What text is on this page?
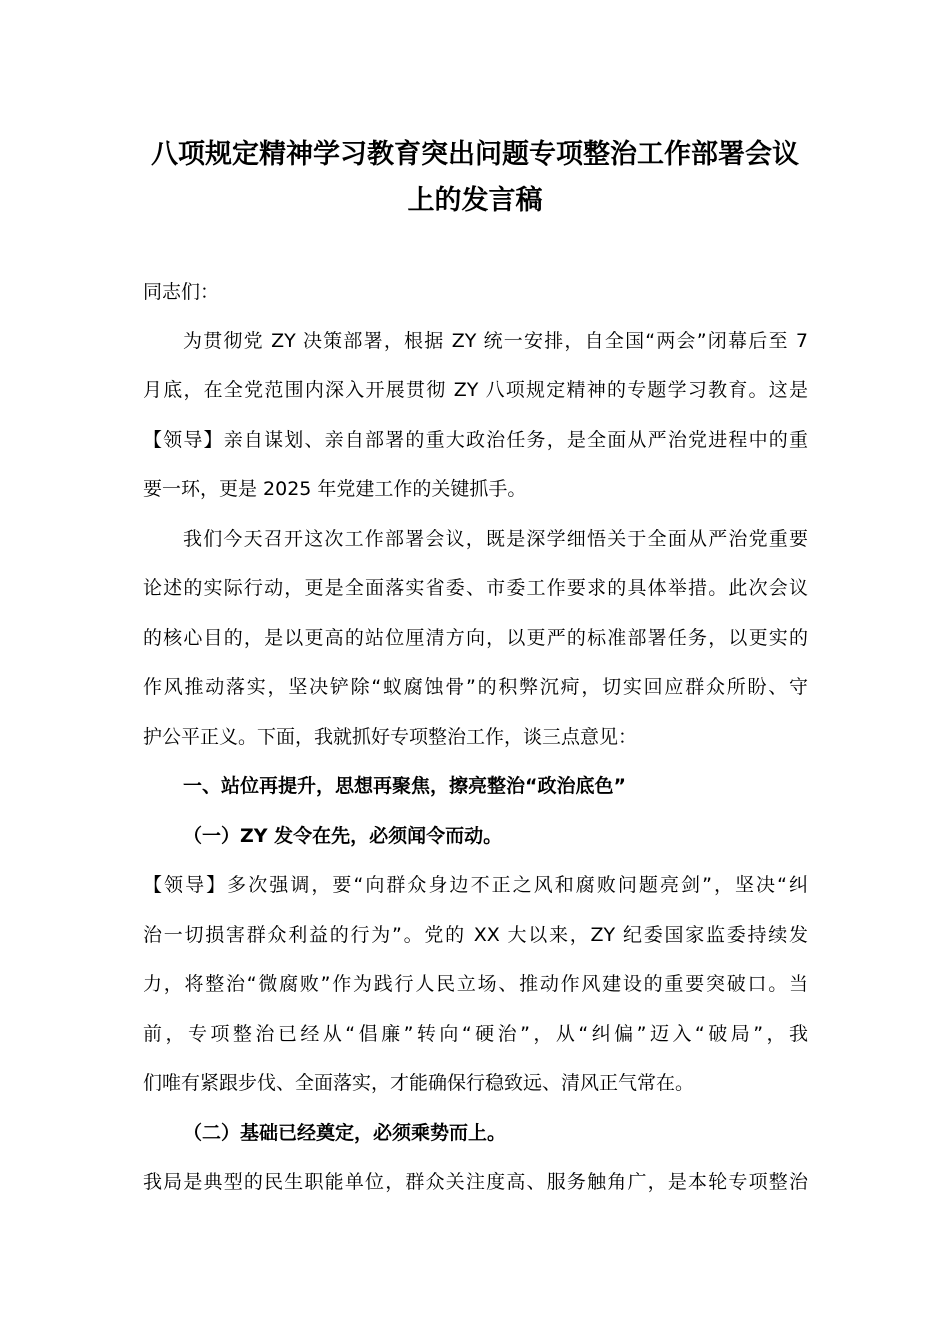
八项规定精神学习教育突出问题专项整治工作部署会议
上的发言稿
同志们：
为贯彻党 ZY 决策部署，根据 ZY 统一安排，自全国“两会”闭幕后至 7
月底，在全党范围内深入开展贯彻 ZY 八项规定精神的专题学习教育。这是
【领导】亲自谋划、亲自部署的重大政治任务，是全面从严治党进程中的重
要一环，更是 2025 年党建工作的关键抓手。
我们今天召开这次工作部署会议，既是深学细悟关于全面从严治党重要
论述的实际行动，更是全面落实省委、市委工作要求的具体举措。此次会议
的核心目的，是以更高的站位厘清方向，以更严的标准部署任务，以更实的
作风推动落实，坚决铲除“蚁腐蚀骨”的积弊沉疴，切实回应群众所盼、守
护公平正义。下面，我就抓好专项整治工作，谈三点意见：
一、站位再提升，思想再聚焦，擦亮整治“政治底色”
（一）ZY 发令在先，必须闻令而动。
【领导】多次强调，要“向群众身边不正之风和腐败问题亮剑”，坚决“纠
治一切损害群众利益的行为”。党的 XX 大以来，ZY 纪委国家监委持续发
力，将整治“微腐败”作为践行人民立场、推动作风建设的重要突破口。当
前，专项整治已经从“倡廉”转向“硬治”，从“纠偏”迈入“破局”，我
们唯有紧跟步伐、全面落实，才能确保行稳致远、清风正气常在。
（二）基础已经奠定，必须乘势而上。
我局是典型的民生职能单位，群众关注度高、服务触角广，是本轮专项整治
